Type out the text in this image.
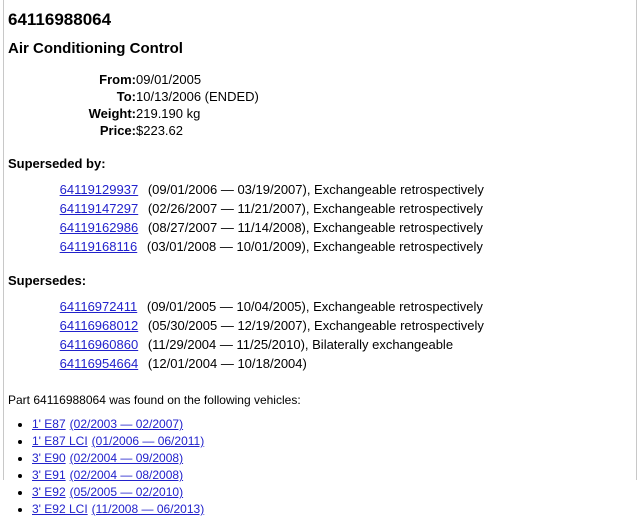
64116988064
Air Conditioning Control
From:	09/01/2005
To:	10/13/2006 (ENDED)
Weight:	219.190 kg
Price:	$223.62
Superseded by:
64119129937 (09/01/2006 — 03/19/2007), Exchangeable retrospectively
64119147297 (02/26/2007 — 11/21/2007), Exchangeable retrospectively
64119162986 (08/27/2007 — 11/14/2008), Exchangeable retrospectively
64119168116 (03/01/2008 — 10/01/2009), Exchangeable retrospectively
Supersedes:
64116972411 (09/01/2005 — 10/04/2005), Exchangeable retrospectively
64116968012 (05/30/2005 — 12/19/2007), Exchangeable retrospectively
64116960860 (11/29/2004 — 11/25/2010), Bilaterally exchangeable
64116954664 (12/01/2004 — 10/18/2004)
Part 64116988064 was found on the following vehicles:
• 1' E87 (02/2003 — 02/2007)
• 1' E87 LCI (01/2006 — 06/2011)
• 3' E90 (02/2004 — 09/2008)
• 3' E91 (02/2004 — 08/2008)
• 3' E92 (05/2005 — 02/2010)
• 3' E92 LCI (11/2008 — 06/2013)
